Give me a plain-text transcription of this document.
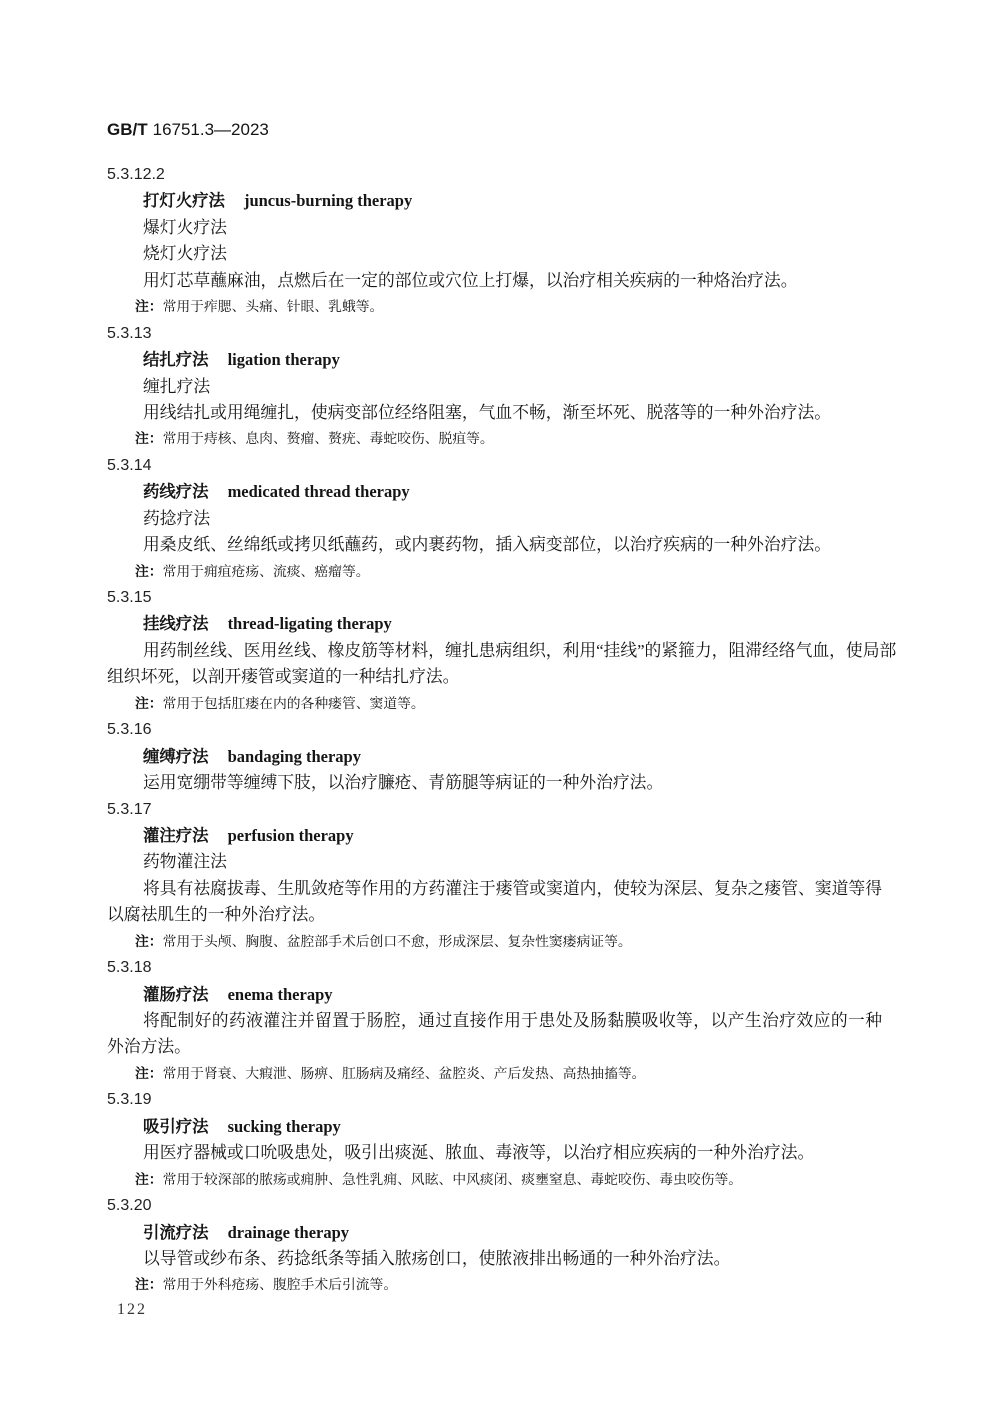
GB/T 16751.3—2023
5.3.12.2
打灯火疗法 juncus-burning therapy
爆灯火疗法
烧灯火疗法
用灯芯草蘸麻油，点燃后在一定的部位或穴位上打爆，以治疗相关疾病的一种烙治疗法。
注：常用于痄腮、头痛、针眼、乳蛾等。
5.3.13
结扎疗法 ligation therapy
缠扎疗法
用线结扎或用绳缠扎，使病变部位经络阻塞，气血不畅，渐至坏死、脱落等的一种外治疗法。
注：常用于痔核、息肉、赘瘤、赘疣、毒蛇咬伤、脱疽等。
5.3.14
药线疗法 medicated thread therapy
药捻疗法
用桑皮纸、丝绵纸或拷贝纸蘸药，或内裹药物，插入病变部位，以治疗疾病的一种外治疗法。
注：常用于痈疽疮疡、流痰、癌瘤等。
5.3.15
挂线疗法 thread-ligating therapy
用药制丝线、医用丝线、橡皮筋等材料，缠扎患病组织，利用“挂线”的紧箍力，阻滞经络气血，使局部
组织坏死，以剖开瘘管或窦道的一种结扎疗法。
注：常用于包括肛瘘在内的各种瘘管、窦道等。
5.3.16
缠缚疗法 bandaging therapy
运用宽绷带等缠缚下肢，以治疗臁疮、青筋腿等病证的一种外治疗法。
5.3.17
灌注疗法 perfusion therapy
药物灌注法
将具有祛腐拔毒、生肌敛疮等作用的方药灌注于瘘管或窦道内，使较为深层、复杂之瘘管、窦道等得
以腐祛肌生的一种外治疗法。
注：常用于头颅、胸腹、盆腔部手术后创口不愈，形成深层、复杂性窦瘘病证等。
5.3.18
灌肠疗法 enema therapy
将配制好的药液灌注并留置于肠腔，通过直接作用于患处及肠黏膜吸收等，以产生治疗效应的一种
外治方法。
注：常用于肾衰、大瘕泄、肠痹、肛肠病及痛经、盆腔炎、产后发热、高热抽搐等。
5.3.19
吸引疗法 sucking therapy
用医疗器械或口吮吸患处，吸引出痰涎、脓血、毒液等，以治疗相应疾病的一种外治疗法。
注：常用于较深部的脓疡或痈肿、急性乳痈、风眩、中风痰闭、痰壅窒息、毒蛇咬伤、毒虫咬伤等。
5.3.20
引流疗法 drainage therapy
以导管或纱布条、药捻纸条等插入脓疡创口，使脓液排出畅通的一种外治疗法。
注：常用于外科疮疡、腹腔手术后引流等。
122
